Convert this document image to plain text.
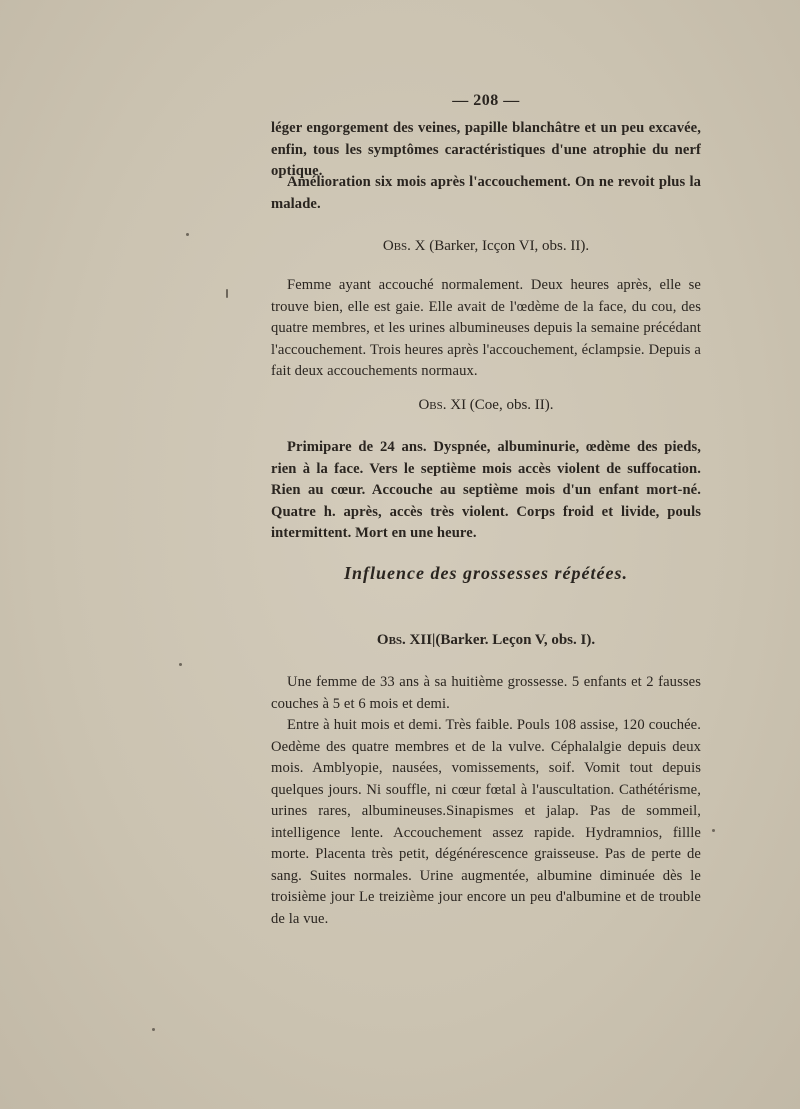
— 208 —

léger engorgement des veines, papille blanchâtre et un peu excavée, enfin, tous les symptômes caractéristiques d'une atrophie du nerf optique.

Amélioration six mois après l'accouchement. On ne revoit plus la malade.

Obs. X (Barker, Icçon VI, obs. II).

Femme ayant accouché normalement. Deux heures après, elle se trouve bien, elle est gaie. Elle avait de l'œdème de la face, du cou, des quatre membres, et les urines albumineuses depuis la semaine précédant l'accouchement. Trois heures après l'accouchement, éclampsie. Depuis a fait deux accouchements normaux.

Obs. XI (Coe, obs. II).

Primipare de 24 ans. Dyspnée, albuminurie, œdème des pieds, rien à la face. Vers le septième mois accès violent de suffocation. Rien au cœur. Accouche au septième mois d'un enfant mort-né. Quatre h. après, accès très violent. Corps froid et livide, pouls intermittent. Mort en une heure.

Influence des grossesses répétées.

Obs. XII|(Barker. Leçon V, obs. I).

Une femme de 33 ans à sa huitième grossesse. 5 enfants et 2 fausses couches à 5 et 6 mois et demi.

Entre à huit mois et demi. Très faible. Pouls 108 assise, 120 couchée. Oedème des quatre membres et de la vulve. Céphalalgie depuis deux mois. Amblyopie, nausées, vomissements, soif. Vomit tout depuis quelques jours. Ni souffle, ni cœur fœtal à l'auscultation. Cathétérisme, urines rares, albumineuses.Sinapismes et jalap. Pas de sommeil, intelligence lente. Accouchement assez rapide. Hydramnios, fillle morte. Placenta très petit, dégénérescence graisseuse. Pas de perte de sang. Suites normales. Urine augmentée, albumine diminuée dès le troisième jour Le treizième jour encore un peu d'albumine et de trouble de la vue.
